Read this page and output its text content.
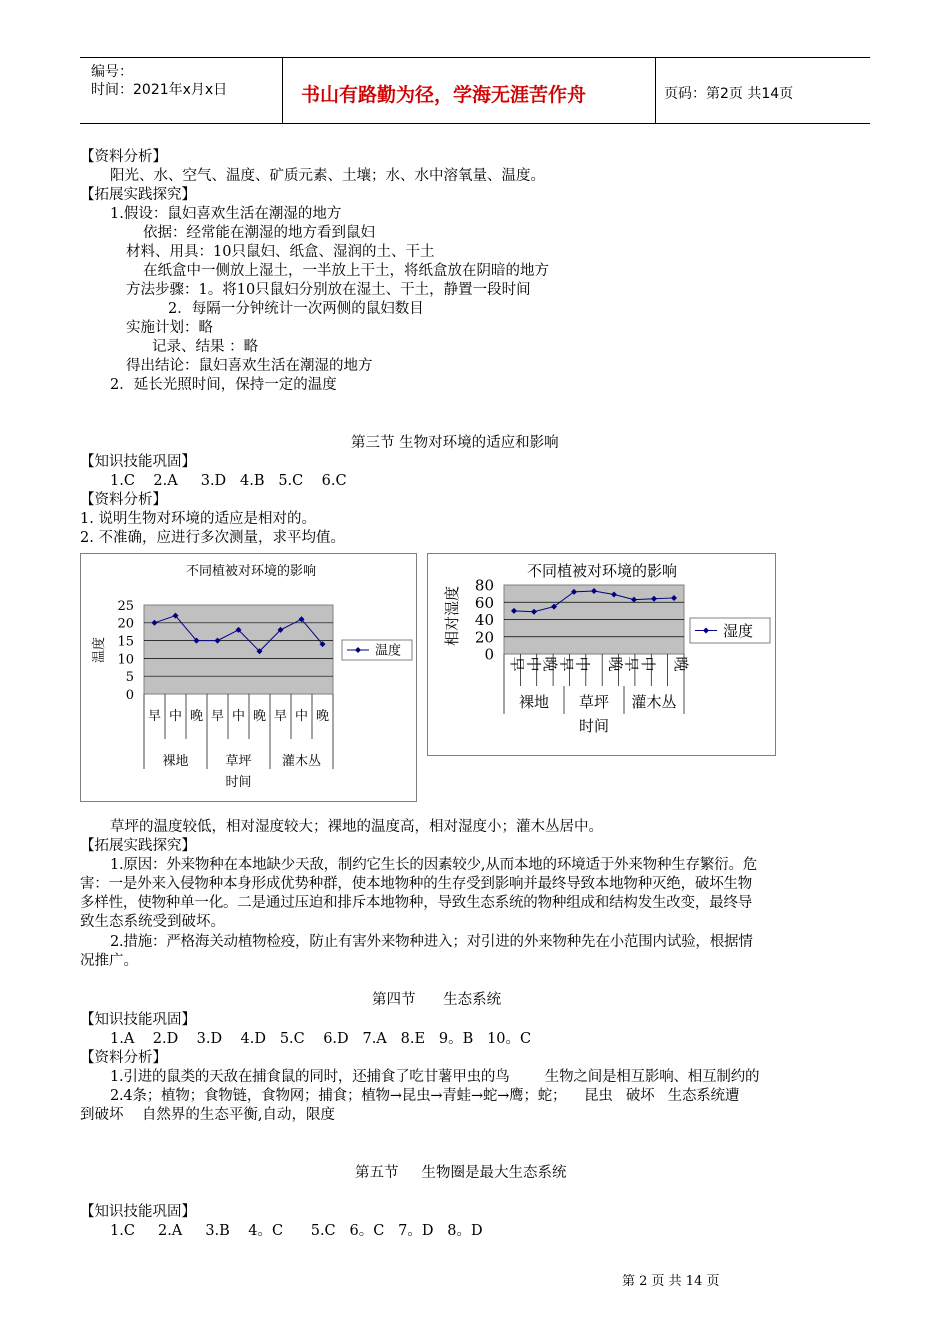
编号：
时间：2021年x月x日	书山有路勤为径，学海无涯苦作舟	页码：第2页 共14页
【资料分析】
阳光、水、空气、温度、矿质元素、土壤；水、水中溶氧量、温度。
【拓展实践探究】
1.假设：鼠妇喜欢生活在潮湿的地方
依据：经常能在潮湿的地方看到鼠妇
材料、用具：10只鼠妇、纸盒、湿润的土、干土
在纸盒中一侧放上湿土，一半放上干土，将纸盒放在阴暗的地方
方法步骤：1。将10只鼠妇分别放在湿土、干土，静置一段时间
2．每隔一分钟统计一次两侧的鼠妇数目
实施计划：略
记录、结果 ：略
得出结论：鼠妇喜欢生活在潮湿的地方
2．延长光照时间，保持一定的温度
第三节 生物对环境的适应和影响
【知识技能巩固】
1.C    2.A     3.D   4.B   5.C    6.C
【资料分析】
1. 说明生物对环境的适应是相对的。
2. 不准确，应进行多次测量，求平均值。
草坪的温度较低，相对湿度较大；裸地的温度高，相对湿度小；灌木丛居中。
【拓展实践探究】
1.原因：外来物种在本地缺少天敌，制约它生长的因素较少,从而本地的环境适于外来物种生存繁衍。危
害：一是外来入侵物种本身形成优势种群，使本地物种的生存受到影响并最终导致本地物种灭绝，破坏生物
多样性，使物种单一化。二是通过压迫和排斥本地物种，导致生态系统的物种组成和结构发生改变，最终导
致生态系统受到破坏。
2.措施：严格海关动植物检疫，防止有害外来物种进入；对引进的外来物种先在小范围内试验，根据情
况推广。
第四节      生态系统
【知识技能巩固】
1.A    2.D    3.D    4.D   5.C    6.D   7.A   8.E   9。B   10。C
【资料分析】
1.引进的鼠类的天敌在捕食鼠的同时，还捕食了吃甘薯甲虫的鸟        生物之间是相互影响、相互制约的
2.4条；植物；食物链，食物网；捕食；植物→昆虫→青蛙→蛇→鹰；蛇；    昆虫   破坏   生态系统遭
到破坏    自然界的生态平衡,自动，限度
第五节     生物圈是最大生态系统
【知识技能巩固】
1.C     2.A     3.B    4。C      5.C   6。C   7。D   8。D
第 2 页 共 14 页
不同植被对环境的影响
25
20
15
10
5
0
温度
早 中 晚 早 中 晚 早 中 晚
裸地	草坪 灌木丛
时间
温度
不同植被对环境的影响
80
60
40
20
0
相对湿度
早
中
晚
早
中 晚
早
中 晚
裸地 草坪 灌木丛
时间
湿度
